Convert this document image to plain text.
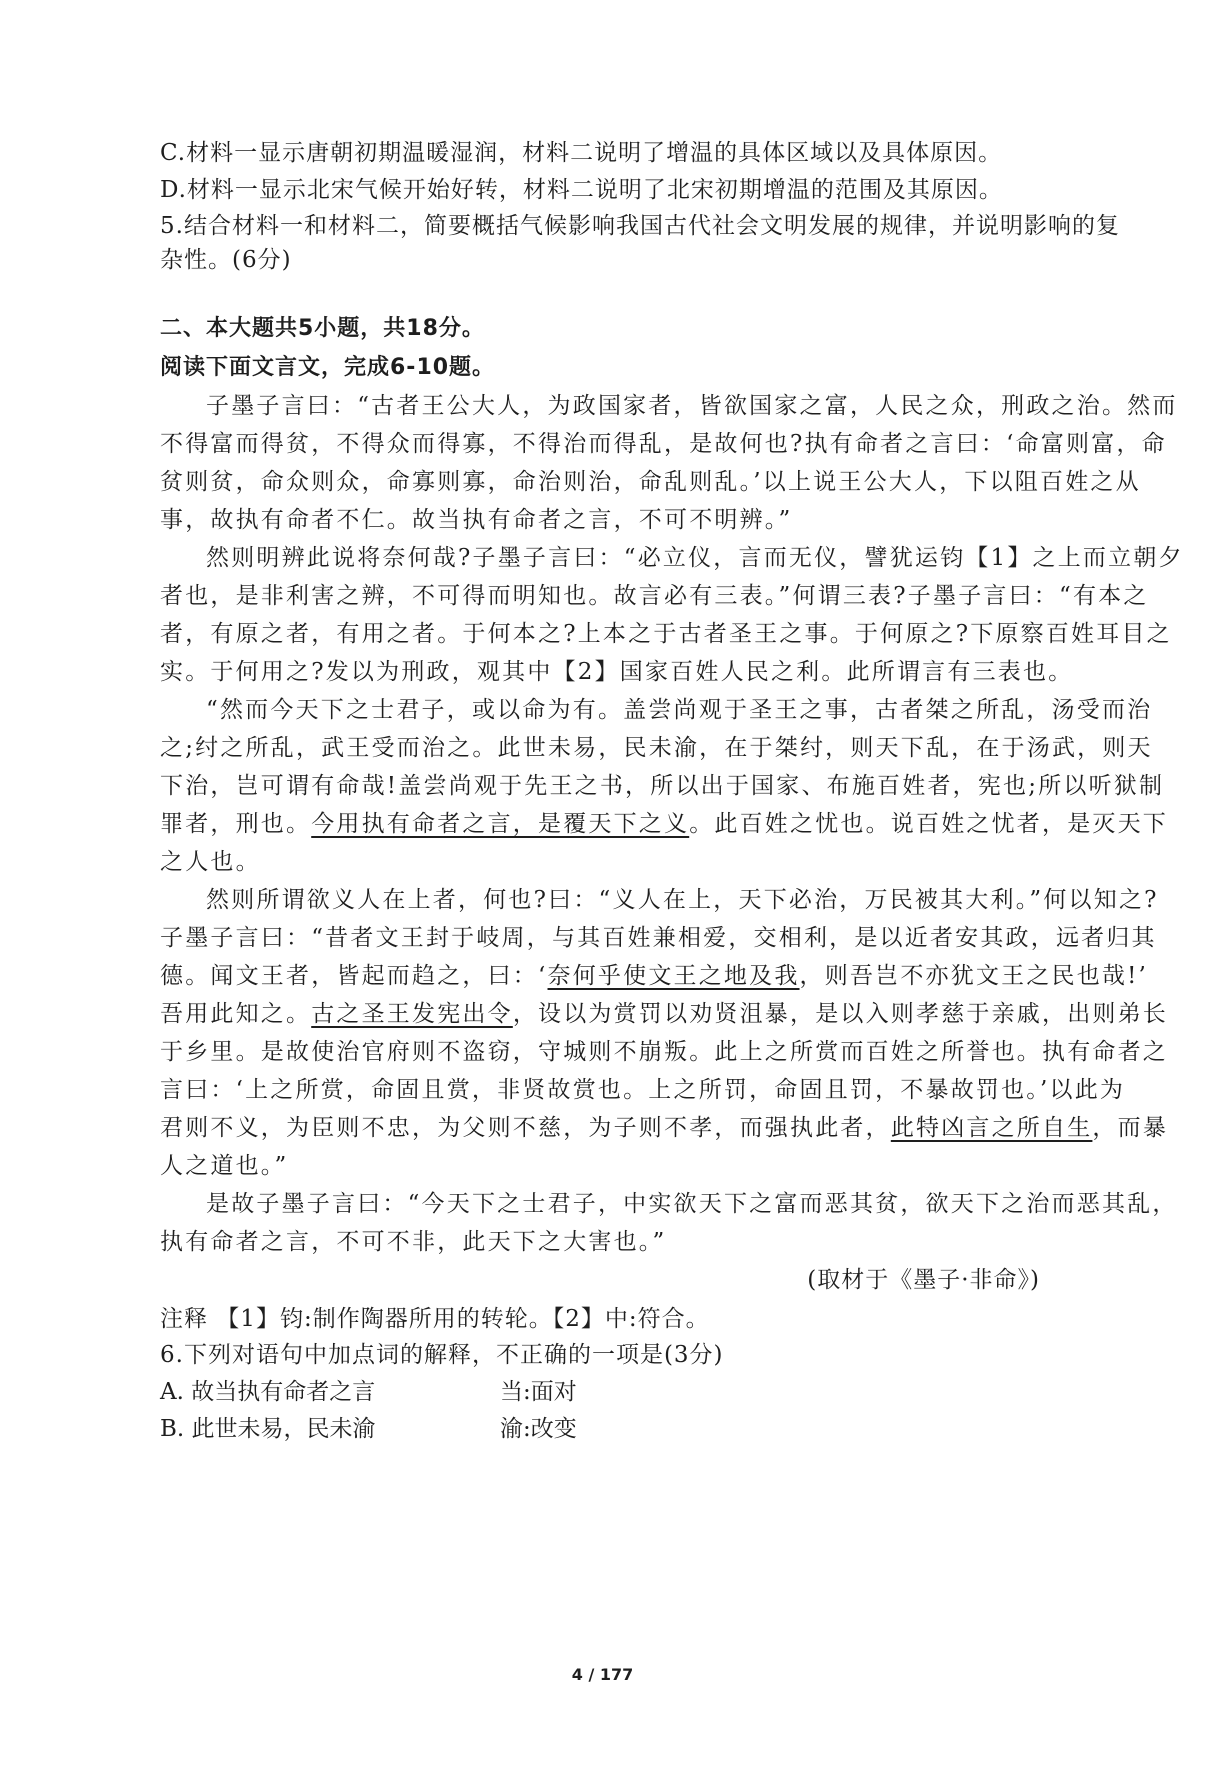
C.材料一显示唐朝初期温暖湿润，材料二说明了增温的具体区域以及具体原因。
D.材料一显示北宋气候开始好转，材料二说明了北宋初期增温的范围及其原因。
5.结合材料一和材料二，简要概括气候影响我国古代社会文明发展的规律，并说明影响的复
杂性。(6分)
二、本大题共5小题，共18分。
阅读下面文言文，完成6-10题。
子墨子言曰：“古者王公大人，为政国家者，皆欲国家之富，人民之众，刑政之治。然而
不得富而得贫，不得众而得寡，不得治而得乱，是故何也?执有命者之言曰：‘命富则富，命
贫则贫，命众则众，命寡则寡，命治则治，命乱则乱。’以上说王公大人，下以阻百姓之从
事，故执有命者不仁。故当执有命者之言，不可不明辨。”
然则明辨此说将奈何哉?子墨子言曰：“必立仪，言而无仪，譬犹运钧【1】之上而立朝夕
者也，是非利害之辨，不可得而明知也。故言必有三表。”何谓三表?子墨子言曰：“有本之
者，有原之者，有用之者。于何本之?上本之于古者圣王之事。于何原之?下原察百姓耳目之
实。于何用之?发以为刑政，观其中【2】国家百姓人民之利。此所谓言有三表也。
“然而今天下之士君子，或以命为有。盖尝尚观于圣王之事，古者桀之所乱，汤受而治
之;纣之所乱，武王受而治之。此世未易，民未渝，在于桀纣，则天下乱，在于汤武，则天
下治，岂可谓有命哉!盖尝尚观于先王之书，所以出于国家、布施百姓者，宪也;所以听狱制
罪者，刑也。今用执有命者之言，是覆天下之义。此百姓之忧也。说百姓之忧者，是灭天下
之人也。
然则所谓欲义人在上者，何也?曰：“义人在上，天下必治，万民被其大利。”何以知之?
子墨子言曰：“昔者文王封于岐周，与其百姓兼相爱，交相利，是以近者安其政，远者归其
德。闻文王者，皆起而趋之，曰：‘奈何乎使文王之地及我，则吾岂不亦犹文王之民也哉!’
吾用此知之。古之圣王发宪出令，设以为赏罚以劝贤沮暴，是以入则孝慈于亲戚，出则弟长
于乡里。是故使治官府则不盗窃，守城则不崩叛。此上之所赏而百姓之所誉也。执有命者之
言曰：‘上之所赏，命固且赏，非贤故赏也。上之所罚，命固且罚，不暴故罚也。’以此为
君则不义，为臣则不忠，为父则不慈，为子则不孝，而强执此者，此特凶言之所自生，而暴
人之道也。”
是故子墨子言曰：“今天下之士君子，中实欲天下之富而恶其贫，欲天下之治而恶其乱，
执有命者之言，不可不非，此天下之大害也。”
(取材于《墨子·非命》)
注释 【1】钧:制作陶器所用的转轮。【2】中:符合。
6.下列对语句中加点词的解释，不正确的一项是(3分)
A. 故当执有命者之言	当:面对
B. 此世未易，民未渝	渝:改变
4 / 177
